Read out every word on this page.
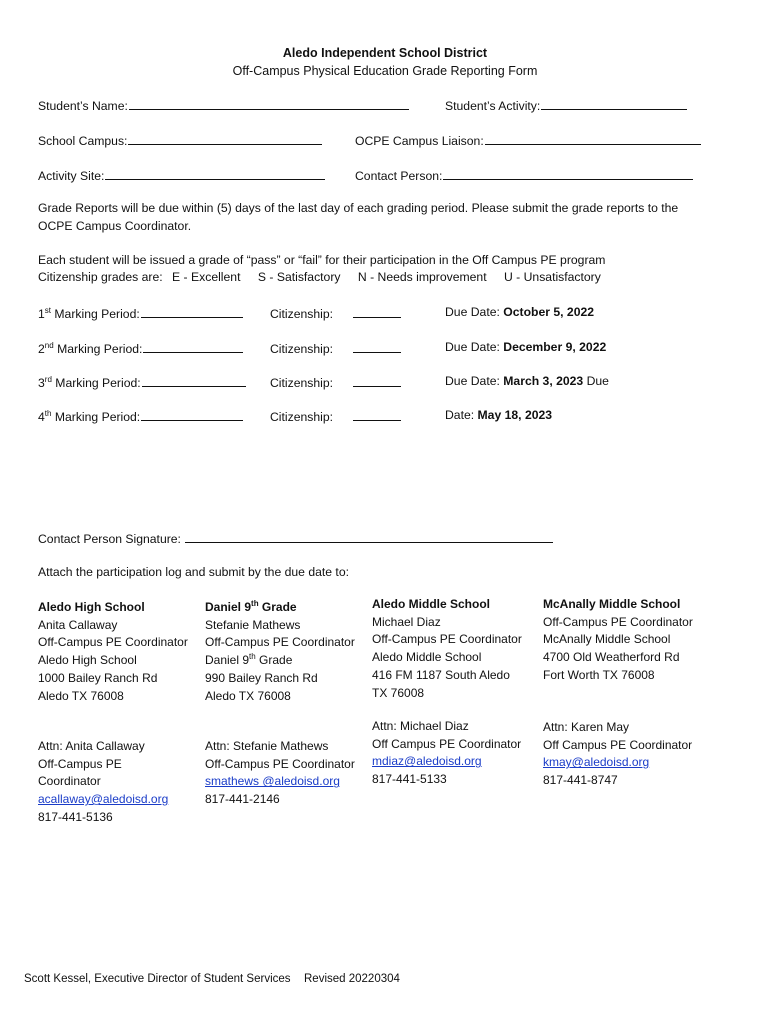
Aledo Independent School District
Off-Campus Physical Education Grade Reporting Form
Student’s Name:	Student’s Activity:
School Campus:	OCPE Campus Liaison:
Activity Site:	Contact Person:
Grade Reports will be due within (5) days of the last day of each grading period. Please submit the grade reports to the OCPE Campus Coordinator.
Each student will be issued a grade of “pass” or “fail” for their participation in the Off Campus PE program
Citizenship grades are: E - Excellent S - Satisfactory N - Needs improvement U - Unsatisfactory
1st Marking Period:	Citizenship:	Due Date: October 5, 2022
2nd Marking Period:	Citizenship:	Due Date: December 9, 2022
3rd Marking Period:	Citizenship:	Due Date: March 3, 2023 Due
4th Marking Period:	Citizenship:	Date: May 18, 2023
Contact Person Signature:
Attach the participation log and submit by the due date to:
Aledo High School
Anita Callaway
Off-Campus PE Coordinator
Aledo High School
1000 Bailey Ranch Rd
Aledo TX 76008
Attn: Anita Callaway
Off-Campus PE
Coordinator
acallaway@aledoisd.org
817-441-5136
Daniel 9th Grade
Stefanie Mathews
Off-Campus PE Coordinator
Daniel 9th Grade
990 Bailey Ranch Rd
Aledo TX 76008
Attn: Stefanie Mathews
Off-Campus PE Coordinator
smathews @aledoisd.org
817-441-2146
Aledo Middle School
Michael Diaz
Off-Campus PE Coordinator
Aledo Middle School
416 FM 1187 South Aledo
TX 76008
Attn: Michael Diaz
Off Campus PE Coordinator
mdiaz@aledoisd.org
817-441-5133
McAnally Middle School
Off-Campus PE Coordinator
McAnally Middle School
4700 Old Weatherford Rd
Fort Worth TX 76008
Attn: Karen May
Off Campus PE Coordinator
kmay@aledoisd.org
817-441-8747
Scott Kessel, Executive Director of Student Services Revised 20220304
